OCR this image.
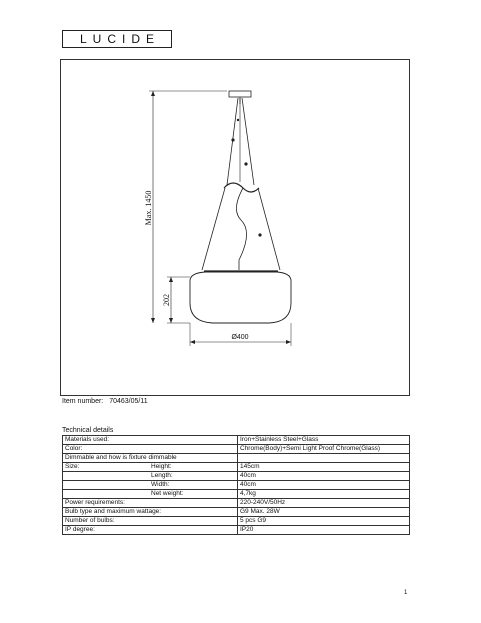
LUCIDE
Max. 1450
202
Ø400
Item number: 70463/05/11
Technical details
Materials used:	Iron+Stainless Steel+Glass
Color:	Chrome(Body)+Semi Light Proof Chrome(Glass)
Dimmable and how is fixture dimmable	
Size: Height:	145cm
Length:	40cm
Width:	40cm
Net weight:	4,7kg
Power requirements:	220-240V/50Hz
Bulb type and maximum wattage:	G9 Max. 28W
Number of bulbs:	5 pcs G9
IP degree:	IP20
1
